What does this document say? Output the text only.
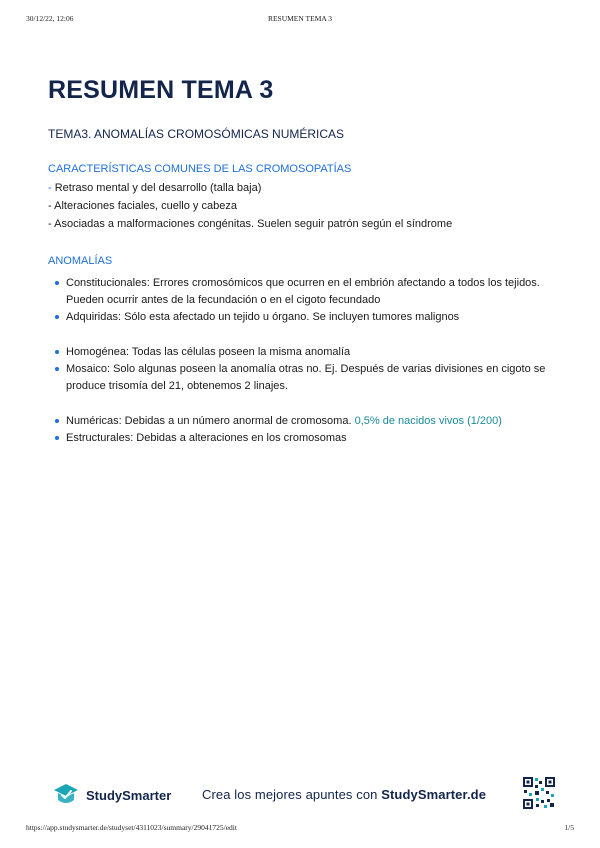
30/12/22, 12:06	RESUMEN TEMA 3
RESUMEN TEMA 3
TEMA3. ANOMALÍAS CROMOSÓMICAS NUMÉRICAS
CARACTERÍSTICAS COMUNES DE LAS CROMOSOPATÍAS
- Retraso mental y del desarrollo (talla baja)
- Alteraciones faciales, cuello y cabeza
- Asociadas a malformaciones congénitas. Suelen seguir patrón según el síndrome
ANOMALÍAS
Constitucionales: Errores cromosómicos que ocurren en el embrión afectando a todos los tejidos. Pueden ocurrir antes de la fecundación o en el cigoto fecundado
Adquiridas: Sólo esta afectado un tejido u órgano. Se incluyen tumores malignos
Homogénea: Todas las células poseen la misma anomalía
Mosaico: Solo algunas poseen la anomalía otras no. Ej. Después de varias divisiones en cigoto se produce trisomía del 21, obtenemos 2 linajes.
Numéricas: Debidas a un número anormal de cromosoma. 0,5% de nacidos vivos (1/200)
Estructurales: Debidas a alteraciones en los cromosomas
StudySmarter Crea los mejores apuntes con StudySmarter.de
https://app.studysmarter.de/studyset/4311023/summary/29041725/edit	1/5
